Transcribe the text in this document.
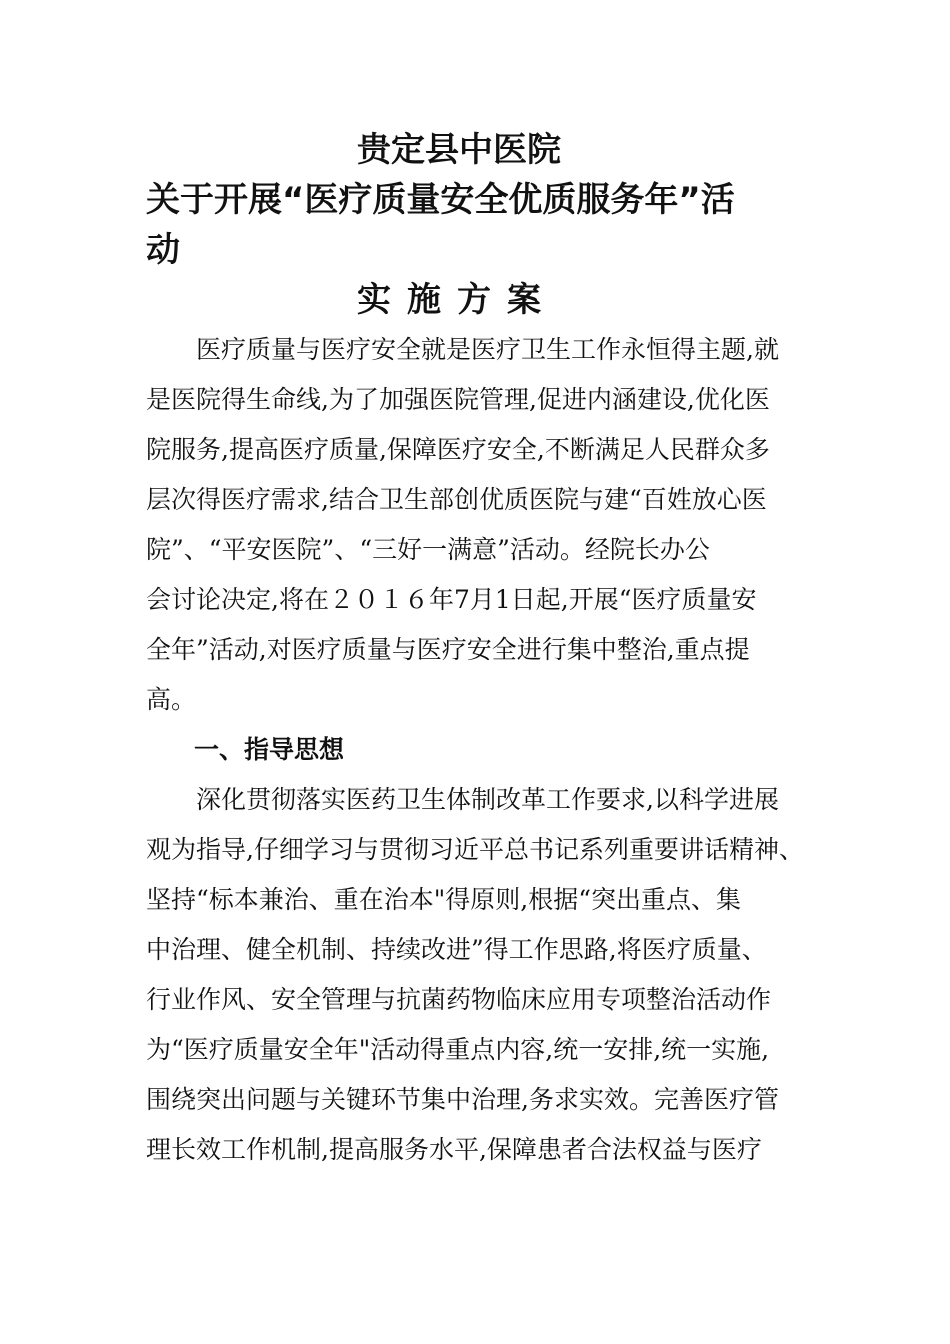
贵定县中医院
关于开展“医疗质量安全优质服务年”活
动
实施方案

　　医疗质量与医疗安全就是医疗卫生工作永恒得主题,就

是医院得生命线,为了加强医院管理,促进内涵建设,优化医

院服务,提高医疗质量,保障医疗安全,不断满足人民群众多

层次得医疗需求,结合卫生部创优质医院与建“百姓放心医

院”、“平安医院”、“三好一满意”活动。经院长办公

会讨论决定,将在２０１６年7月1日起,开展“医疗质量安

全年”活动,对医疗质量与医疗安全进行集中整治,重点提

高。

一、指导思想

　　深化贯彻落实医药卫生体制改革工作要求,以科学进展

观为指导,仔细学习与贯彻习近平总书记系列重要讲话精神、

坚持“标本兼治、重在治本"得原则,根据“突出重点、集

中治理、健全机制、持续改进”得工作思路,将医疗质量、

行业作风、安全管理与抗菌药物临床应用专项整治活动作

为“医疗质量安全年"活动得重点内容,统一安排,统一实施,

围绕突出问题与关键环节集中治理,务求实效。完善医疗管

理长效工作机制,提高服务水平,保障患者合法权益与医疗
